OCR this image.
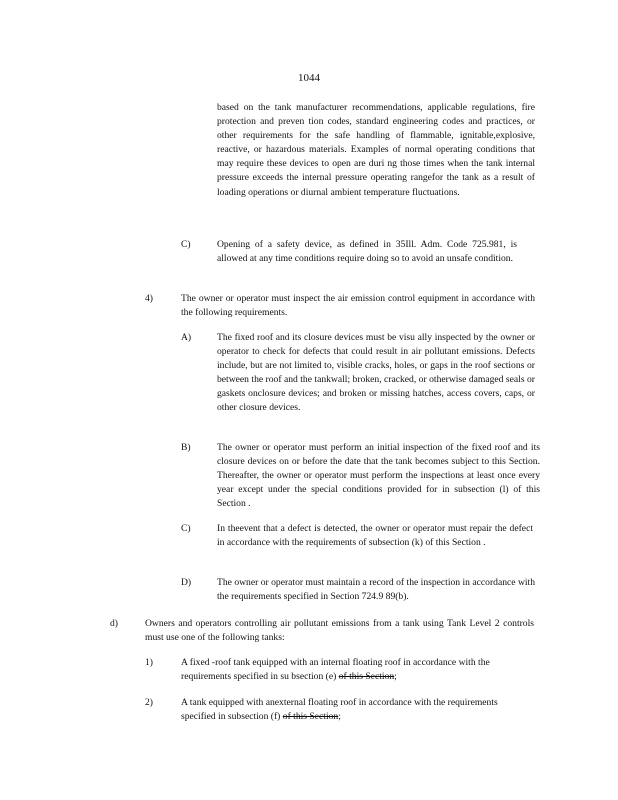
1044
based on the tank manufacturer recommendations, applicable regulations, fire protection and preven tion codes, standard engineering codes and practices, or other requirements for the safe handling of flammable, ignitable,explosive, reactive, or hazardous materials. Examples of normal operating conditions that may require these devices to open are duri ng those times when the tank internal pressure exceeds the internal pressure operating rangefor the tank as a result of loading operations or diurnal ambient temperature fluctuations.
C)	Opening of a safety device, as defined in 35Ill. Adm. Code 725.981, is allowed at any time conditions require doing so to avoid an unsafe condition.
4)	The owner or operator must inspect the air emission control equipment in accordance with the following requirements.
A)	The fixed roof and its closure devices must be visu ally inspected by the owner or operator to check for defects that could result in air pollutant emissions. Defects include, but are not limited to, visible cracks, holes, or gaps in the roof sections or between the roof and the tankwall; broken, cracked, or otherwise damaged seals or gaskets onclosure devices; and broken or missing hatches, access covers, caps, or other closure devices.
B)	The owner or operator must perform an initial inspection of the fixed roof and its closure devices on or before the date that the tank becomes subject to this Section. Thereafter, the owner or operator must perform the inspections at least once every year except under the special conditions provided for in subsection (l) of this Section .
C)	In theevent that a defect is detected, the owner or operator must repair the defect in accordance with the requirements of subsection (k) of this Section .
D)	The owner or operator must maintain a record of the inspection in accordance with the requirements specified in Section 724.9 89(b).
d)	Owners and operators controlling air pollutant emissions from a tank using Tank Level 2 controls must use one of the following tanks:
1)	A fixed -roof tank equipped with an internal floating roof in accordance with the requirements specified in su bsection (e) of this Section;
2)	A tank equipped with anexternal floating roof in accordance with the requirements specified in subsection (f) of this Section;
